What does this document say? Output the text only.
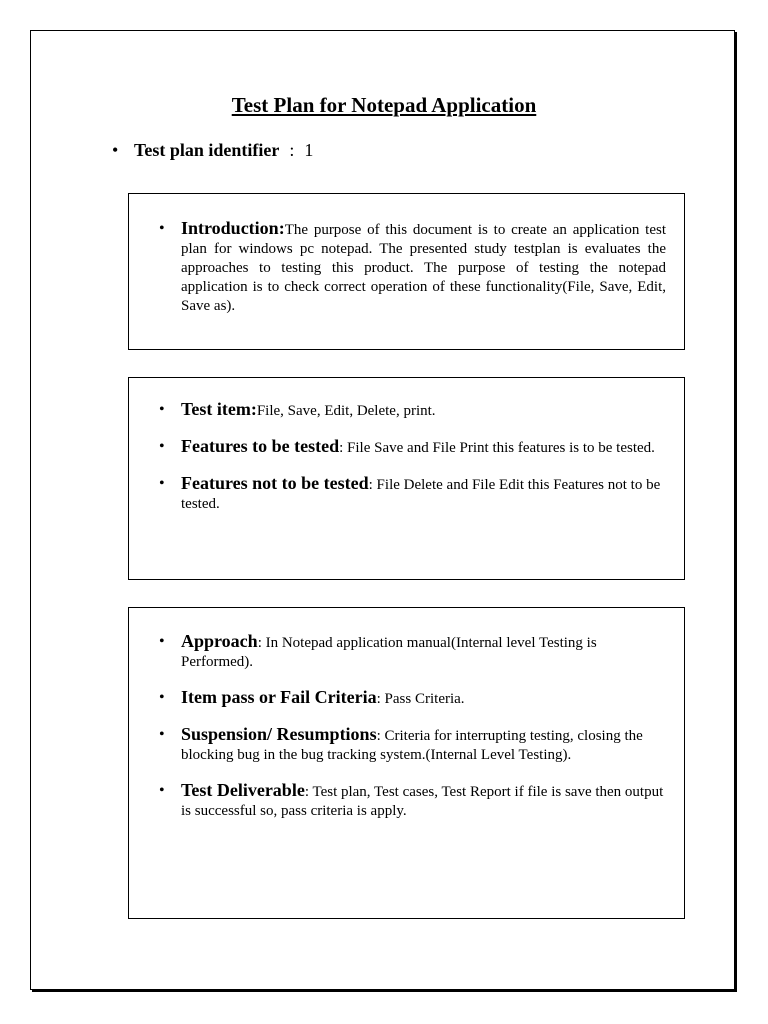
Test Plan for Notepad Application
• Test plan identifier : 1
• Introduction:The purpose of this document is to create an application test plan for windows pc notepad. The presented study testplan is evaluates the approaches to testing this product. The purpose of testing the notepad application is to check correct operation of these functionality(File, Save, Edit, Save as).
• Test item:File, Save, Edit, Delete, print.
• Features to be tested: File Save and File Print this features is to be tested.
• Features not to be tested: File Delete and File Edit this Features not to be tested.
• Approach: In Notepad application manual(Internal level Testing is Performed).
• Item pass or Fail Criteria: Pass Criteria.
• Suspension/ Resumptions: Criteria for interrupting testing, closing the blocking bug in the bug tracking system.(Internal Level Testing).
• Test Deliverable: Test plan, Test cases, Test Report if file is save then output is successful so, pass criteria is apply.
